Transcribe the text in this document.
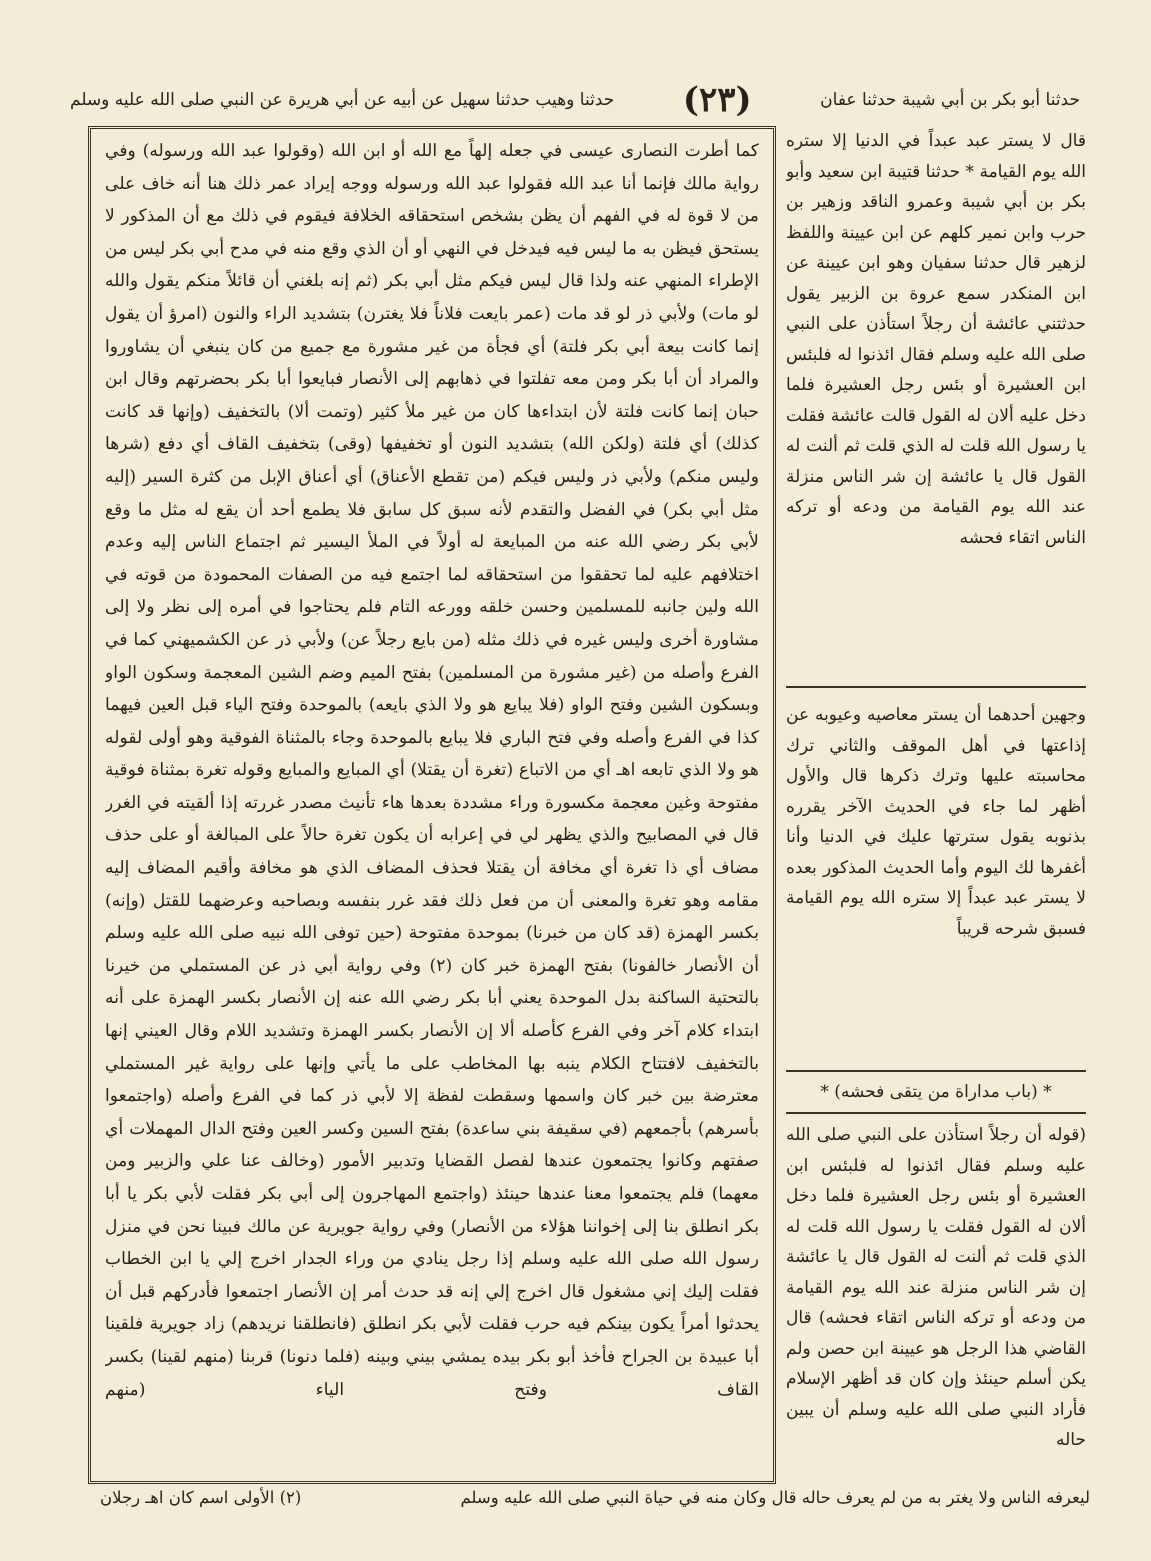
حدثنا أبو بكر بن أبي شيبة حدثنا عفان
(٢٣)
حدثنا وهيب حدثنا سهيل عن أبيه عن أبي هريرة عن النبي صلى الله عليه وسلم

كما أطرت النصارى عيسى في جعله إلهاً مع الله أو ابن الله (وقولوا عبد الله ورسوله) وفي رواية مالك فإنما أنا عبد الله فقولوا عبد الله ورسوله ووجه إيراد عمر ذلك هنا أنه خاف على من لا قوة له في الفهم أن يظن بشخص استحقاقه الخلافة فيقوم في ذلك مع أن المذكور لا يستحق فيظن به ما ليس فيه فيدخل في النهي أو أن الذي وقع منه في مدح أبي بكر ليس من الإطراء المنهي عنه ولذا قال ليس فيكم مثل أبي بكر (ثم إنه بلغني أن قائلاً منكم يقول والله لو مات) ولأبي ذر لو قد مات (عمر بايعت فلاناً فلا يغترن) بتشديد الراء والنون (امرؤ أن يقول إنما كانت بيعة أبي بكر فلتة) أي فجأة من غير مشورة مع جميع من كان ينبغي أن يشاوروا والمراد أن أبا بكر ومن معه تفلتوا في ذهابهم إلى الأنصار فبايعوا أبا بكر بحضرتهم وقال ابن حبان إنما كانت فلتة لأن ابتداءها كان من غير ملأ كثير (وتمت ألا) بالتخفيف (وإنها قد كانت كذلك) أي فلتة (ولكن الله) بتشديد النون أو تخفيفها (وقى) بتخفيف القاف أي دفع (شرها وليس منكم) ولأبي ذر وليس فيكم (من تقطع الأعناق) أي أعناق الإبل من كثرة السير (إليه مثل أبي بكر) في الفضل والتقدم لأنه سبق كل سابق فلا يطمع أحد أن يقع له مثل ما وقع لأبي بكر رضي الله عنه من المبايعة له أولاً في الملأ اليسير ثم اجتماع الناس إليه وعدم اختلافهم عليه لما تحققوا من استحقاقه لما اجتمع فيه من الصفات المحمودة من قوته في الله ولين جانبه للمسلمين وحسن خلقه وورعه التام فلم يحتاجوا في أمره إلى نظر ولا إلى مشاورة أخرى وليس غيره في ذلك مثله (من بايع رجلاً عن) ولأبي ذر عن الكشميهني كما في الفرع وأصله من (غير مشورة من المسلمين) بفتح الميم وضم الشين المعجمة وسكون الواو وبسكون الشين وفتح الواو (فلا يبايع هو ولا الذي بايعه) بالموحدة وفتح الياء قبل العين فيهما كذا في الفرع وأصله وفي فتح الباري فلا يبايع بالموحدة وجاء بالمثناة الفوقية وهو أولى لقوله هو ولا الذي تابعه اهـ أي من الاتباع (تغرة أن يقتلا) أي المبايع والمبايع وقوله تغرة بمثناة فوقية مفتوحة وغين معجمة مكسورة وراء مشددة بعدها هاء تأنيث مصدر غررته إذا ألقيته في الغرر قال في المصابيح والذي يظهر لي في إعرابه أن يكون تغرة حالاً على المبالغة أو على حذف مضاف أي ذا تغرة أي مخافة أن يقتلا فحذف المضاف الذي هو مخافة وأقيم المضاف إليه مقامه وهو تغرة والمعنى أن من فعل ذلك فقد غرر بنفسه وبصاحبه وعرضهما للقتل (وإنه) بكسر الهمزة (قد كان من خبرنا) بموحدة مفتوحة (حين توفى الله نبيه صلى الله عليه وسلم أن الأنصار خالفونا) بفتح الهمزة خبر كان (٢) وفي رواية أبي ذر عن المستملي من خيرنا بالتحتية الساكنة بدل الموحدة يعني أبا بكر رضي الله عنه إن الأنصار بكسر الهمزة على أنه ابتداء كلام آخر وفي الفرع كأصله ألا إن الأنصار بكسر الهمزة وتشديد اللام وقال العيني إنها بالتخفيف لافتتاح الكلام ينبه بها المخاطب على ما يأتي وإنها على رواية غير المستملي معترضة بين خبر كان واسمها وسقطت لفظة إلا لأبي ذر كما في الفرع وأصله (واجتمعوا بأسرهم) بأجمعهم (في سقيفة بني ساعدة) بفتح السين وكسر العين وفتح الدال المهملات أي صفتهم وكانوا يجتمعون عندها لفصل القضايا وتدبير الأمور (وخالف عنا علي والزبير ومن معهما) فلم يجتمعوا معنا عندها حينئذ (واجتمع المهاجرون إلى أبي بكر فقلت لأبي بكر يا أبا بكر انطلق بنا إلى إخواننا هؤلاء من الأنصار) وفي رواية جويرية عن مالك فبينا نحن في منزل رسول الله صلى الله عليه وسلم إذا رجل ينادي من وراء الجدار اخرج إلي يا ابن الخطاب فقلت إليك إني مشغول قال اخرج إلي إنه قد حدث أمر إن الأنصار اجتمعوا فأدركهم قبل أن يحدثوا أمراً يكون بينكم فيه حرب فقلت لأبي بكر انطلق (فانطلقنا نريدهم) زاد جويرية فلقينا أبا عبيدة بن الجراح فأخذ أبو بكر بيده يمشي بيني وبينه (فلما دنونا) قربنا (منهم لقينا) بكسر القاف وفتح الياء (منهم

قال لا يستر عبد عبداً في الدنيا إلا ستره الله يوم القيامة * حدثنا قتيبة ابن سعيد وأبو بكر بن أبي شيبة وعمرو الناقد وزهير بن حرب وابن نمير كلهم عن ابن عيينة واللفظ لزهير قال حدثنا سفيان وهو ابن عيينة عن ابن المنكدر سمع عروة بن الزبير يقول حدثتني عائشة أن رجلاً استأذن على النبي صلى الله عليه وسلم فقال ائذنوا له فلبئس ابن العشيرة أو بئس رجل العشيرة فلما دخل عليه ألان له القول قالت عائشة فقلت يا رسول الله قلت له الذي قلت ثم ألنت له القول قال يا عائشة إن شر الناس منزلة عند الله يوم القيامة من ودعه أو تركه الناس اتقاء فحشه

وجهين أحدهما أن يستر معاصيه وعيوبه عن إذاعتها في أهل الموقف والثاني ترك محاسبته عليها وترك ذكرها قال والأول أظهر لما جاء في الحديث الآخر يقرره بذنوبه يقول سترتها عليك في الدنيا وأنا أغفرها لك اليوم وأما الحديث المذكور بعده لا يستر عبد عبداً إلا ستره الله يوم القيامة فسبق شرحه قريباً

* (باب مداراة من يتقى فحشه) *

(قوله أن رجلاً استأذن على النبي صلى الله عليه وسلم فقال ائذنوا له فلبئس ابن العشيرة أو بئس رجل العشيرة فلما دخل ألان له القول فقلت يا رسول الله قلت له الذي قلت ثم ألنت له القول قال يا عائشة إن شر الناس منزلة عند الله يوم القيامة من ودعه أو تركه الناس اتقاء فحشه) قال القاضي هذا الرجل هو عيينة ابن حصن ولم يكن أسلم حينئذ وإن كان قد أظهر الإسلام فأراد النبي صلى الله عليه وسلم أن يبين حاله

ليعرفه الناس ولا يغتر به من لم يعرف حاله قال وكان منه في حياة النبي صلى الله عليه وسلم
(٢) الأولى اسم كان اهـ رجلان
